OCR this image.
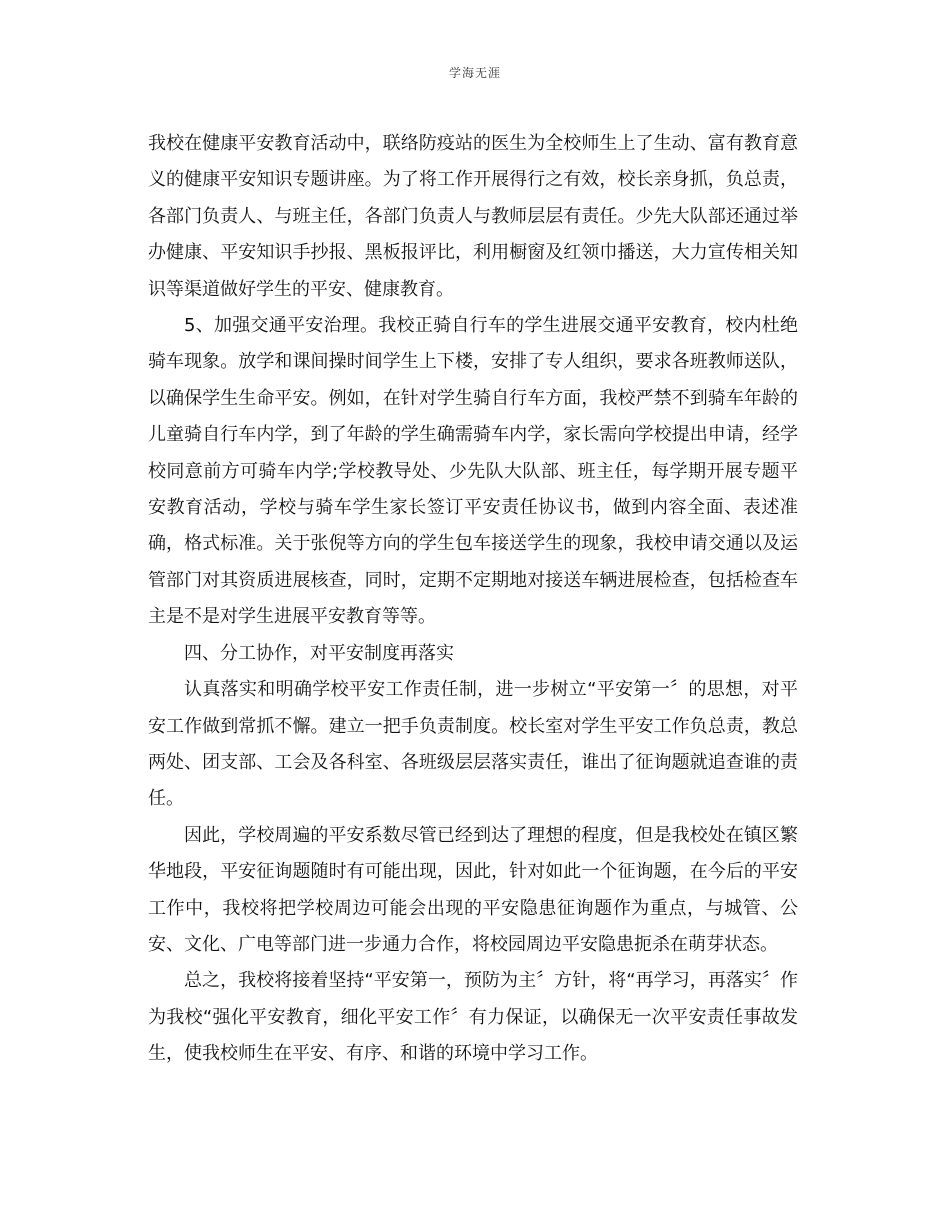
学海无涯

我校在健康平安教育活动中，联络防疫站的医生为全校师生上了生动、富有教育意义的健康平安知识专题讲座。为了将工作开展得行之有效，校长亲身抓，负总责，各部门负责人、与班主任，各部门负责人与教师层层有责任。少先大队部还通过举办健康、平安知识手抄报、黑板报评比，利用橱窗及红领巾播送，大力宣传相关知识等渠道做好学生的平安、健康教育。

5、加强交通平安治理。我校正骑自行车的学生进展交通平安教育，校内杜绝骑车现象。放学和课间操时间学生上下楼，安排了专人组织，要求各班教师送队，以确保学生生命平安。例如，在针对学生骑自行车方面，我校严禁不到骑车年龄的儿童骑自行车内学，到了年龄的学生确需骑车内学，家长需向学校提出申请，经学校同意前方可骑车内学;学校教导处、少先队大队部、班主任，每学期开展专题平安教育活动，学校与骑车学生家长签订平安责任协议书，做到内容全面、表述准确，格式标准。关于张倪等方向的学生包车接送学生的现象，我校申请交通以及运管部门对其资质进展核查，同时，定期不定期地对接送车辆进展检查，包括检查车主是不是对学生进展平安教育等等。

四、分工协作，对平安制度再落实

认真落实和明确学校平安工作责任制，进一步树立“平安第一〞的思想，对平安工作做到常抓不懈。建立一把手负责制度。校长室对学生平安工作负总责，教总两处、团支部、工会及各科室、各班级层层落实责任，谁出了征询题就追查谁的责任。

因此，学校周遍的平安系数尽管已经到达了理想的程度，但是我校处在镇区繁华地段，平安征询题随时有可能出现，因此，针对如此一个征询题，在今后的平安工作中，我校将把学校周边可能会出现的平安隐患征询题作为重点，与城管、公安、文化、广电等部门进一步通力合作，将校园周边平安隐患扼杀在萌芽状态。

总之，我校将接着坚持“平安第一，预防为主〞方针，将“再学习，再落实〞作为我校“强化平安教育，细化平安工作〞有力保证，以确保无一次平安责任事故发生，使我校师生在平安、有序、和谐的环境中学习工作。
